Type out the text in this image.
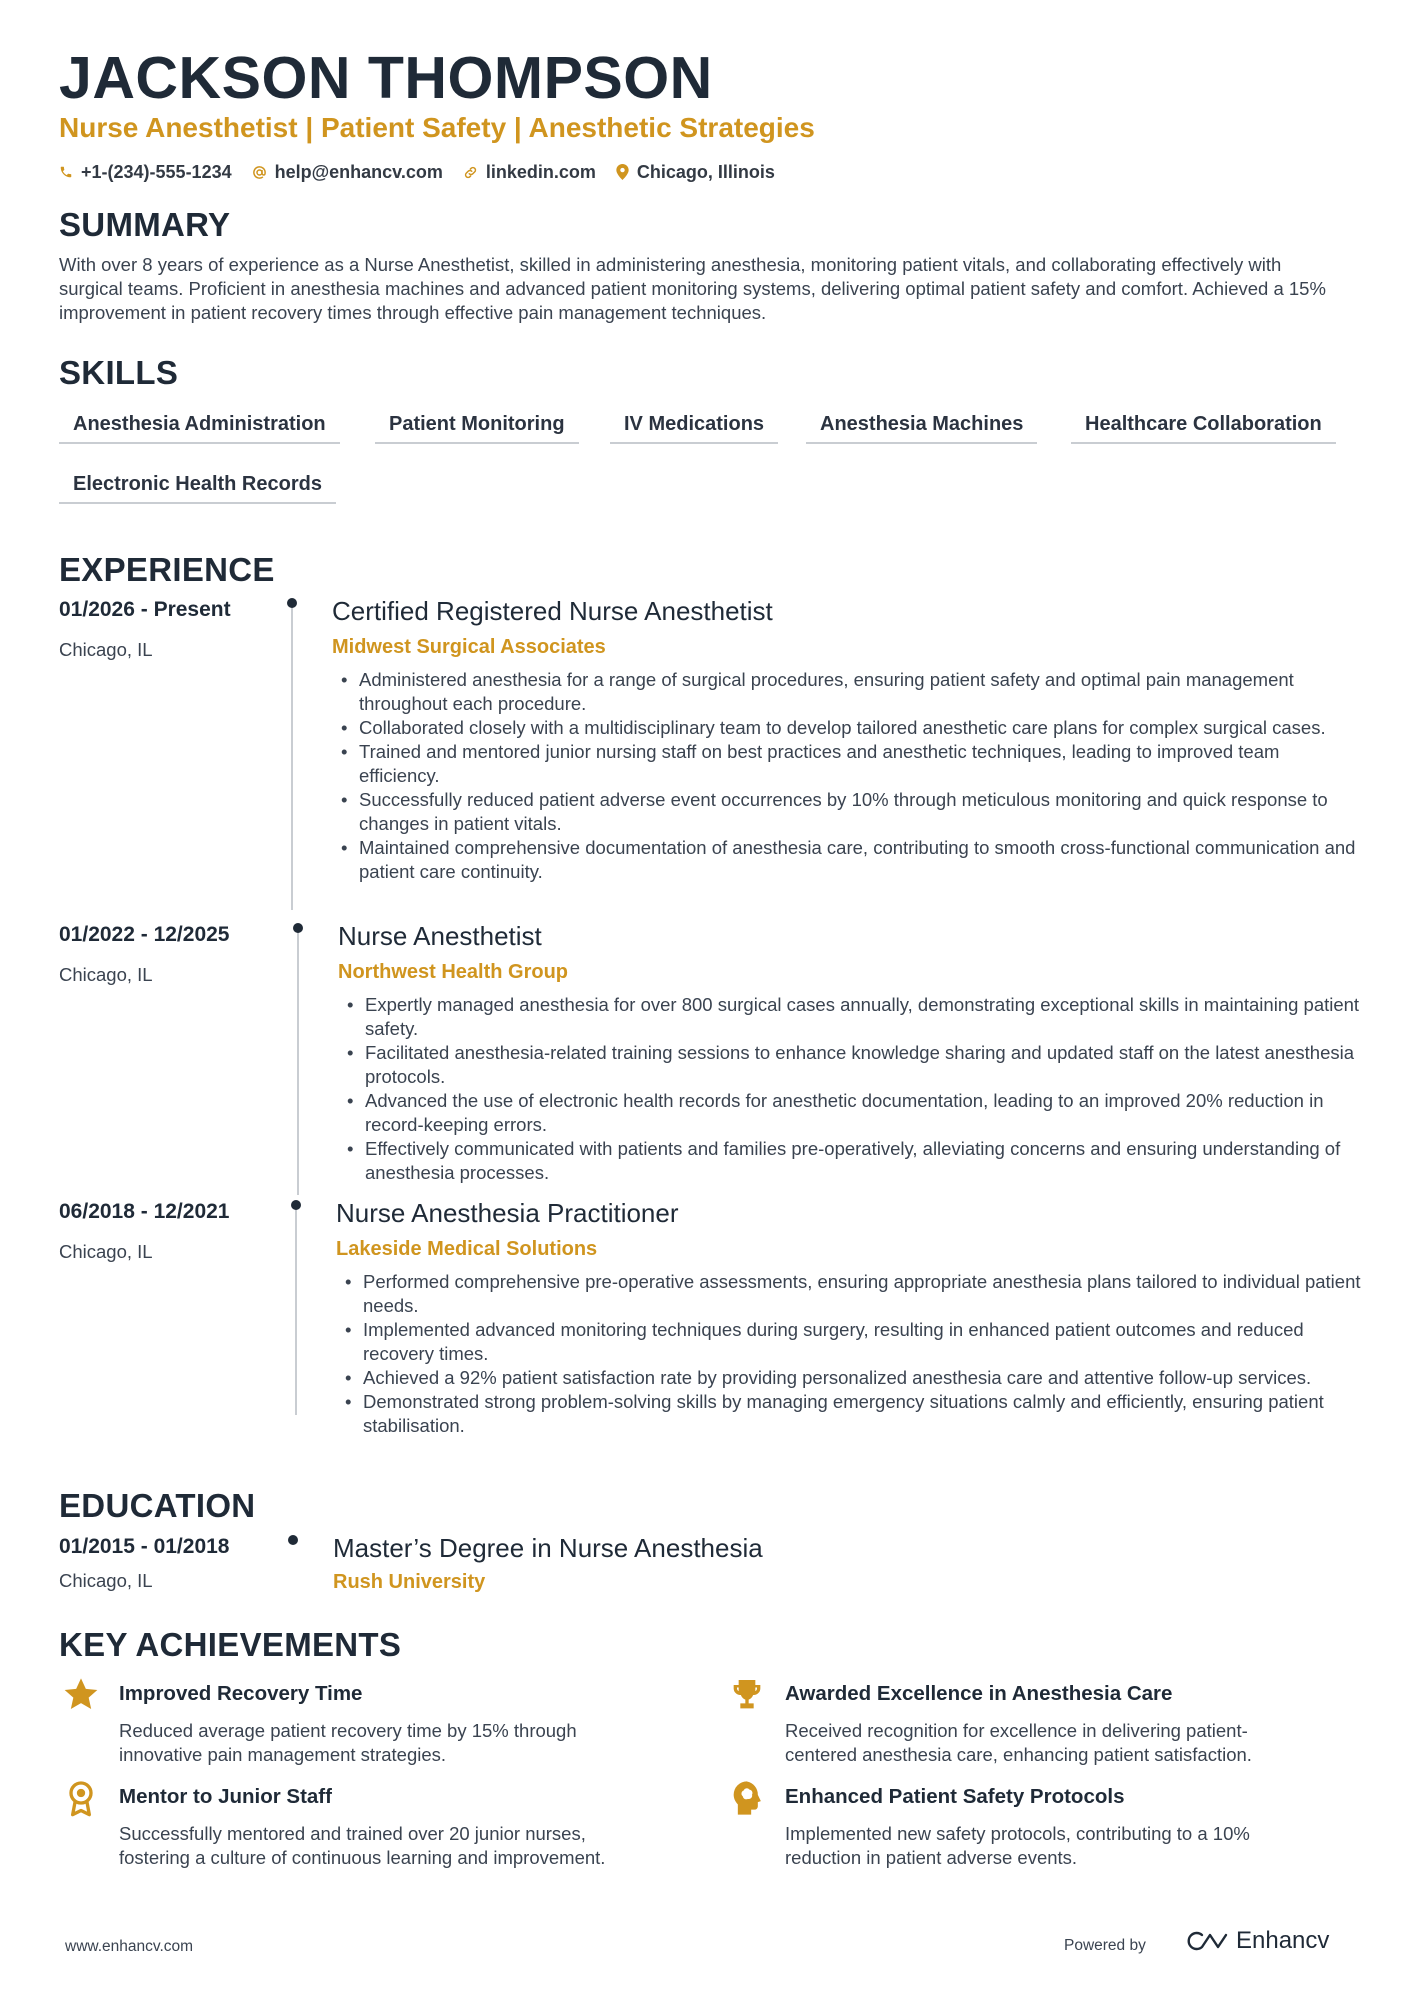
JACKSON THOMPSON
Nurse Anesthetist | Patient Safety | Anesthetic Strategies
+1-(234)-555-1234 help@enhancv.com linkedin.com Chicago, Illinois
SUMMARY
With over 8 years of experience as a Nurse Anesthetist, skilled in administering anesthesia, monitoring patient vitals, and collaborating effectively with surgical teams. Proficient in anesthesia machines and advanced patient monitoring systems, delivering optimal patient safety and comfort. Achieved a 15% improvement in patient recovery times through effective pain management techniques.
SKILLS
Anesthesia Administration	Patient Monitoring	IV Medications	Anesthesia Machines	Healthcare Collaboration
Electronic Health Records
EXPERIENCE
01/2026 - Present
Chicago, IL
Certified Registered Nurse Anesthetist
Midwest Surgical Associates
• Administered anesthesia for a range of surgical procedures, ensuring patient safety and optimal pain management throughout each procedure.
• Collaborated closely with a multidisciplinary team to develop tailored anesthetic care plans for complex surgical cases.
• Trained and mentored junior nursing staff on best practices and anesthetic techniques, leading to improved team efficiency.
• Successfully reduced patient adverse event occurrences by 10% through meticulous monitoring and quick response to changes in patient vitals.
• Maintained comprehensive documentation of anesthesia care, contributing to smooth cross-functional communication and patient care continuity.
01/2022 - 12/2025
Chicago, IL
Nurse Anesthetist
Northwest Health Group
• Expertly managed anesthesia for over 800 surgical cases annually, demonstrating exceptional skills in maintaining patient safety.
• Facilitated anesthesia-related training sessions to enhance knowledge sharing and updated staff on the latest anesthesia protocols.
• Advanced the use of electronic health records for anesthetic documentation, leading to an improved 20% reduction in record-keeping errors.
• Effectively communicated with patients and families pre-operatively, alleviating concerns and ensuring understanding of anesthesia processes.
06/2018 - 12/2021
Chicago, IL
Nurse Anesthesia Practitioner
Lakeside Medical Solutions
• Performed comprehensive pre-operative assessments, ensuring appropriate anesthesia plans tailored to individual patient needs.
• Implemented advanced monitoring techniques during surgery, resulting in enhanced patient outcomes and reduced recovery times.
• Achieved a 92% patient satisfaction rate by providing personalized anesthesia care and attentive follow-up services.
• Demonstrated strong problem-solving skills by managing emergency situations calmly and efficiently, ensuring patient stabilisation.
EDUCATION
01/2015 - 01/2018
Chicago, IL
Master’s Degree in Nurse Anesthesia
Rush University
KEY ACHIEVEMENTS
Improved Recovery Time
Reduced average patient recovery time by 15% through
innovative pain management strategies.
Awarded Excellence in Anesthesia Care
Received recognition for excellence in delivering patient-
centered anesthesia care, enhancing patient satisfaction.
Mentor to Junior Staff
Successfully mentored and trained over 20 junior nurses,
fostering a culture of continuous learning and improvement.
Enhanced Patient Safety Protocols
Implemented new safety protocols, contributing to a 10%
reduction in patient adverse events.
www.enhancv.com	Powered by	Enhancv
